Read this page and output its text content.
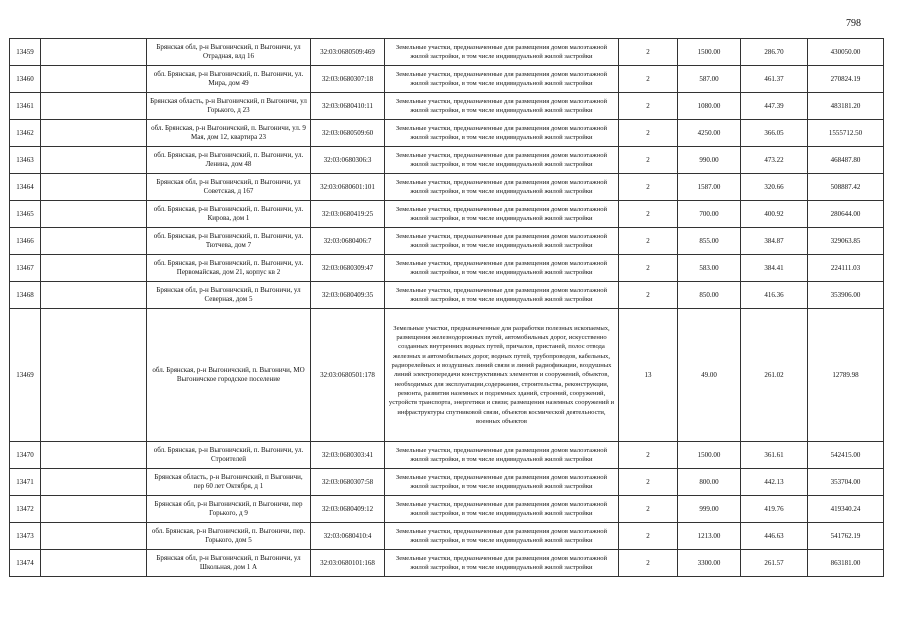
798
13459		Брянская обл, р-н Выгоничский, п Выгоничи, ул Отрадная, влд 16	32:03:0680509:469	Земельные участки, предназначенные для размещения домов малоэтажной жилой застройки, в том числе индивидуальной жилой застройки	2	1500.00	286.70	430050.00
13460		обл. Брянская, р-н Выгоничский, п. Выгоничи, ул. Мира, дом 49	32:03:0680307:18	Земельные участки, предназначенные для размещения домов малоэтажной жилой застройки, в том числе индивидуальной жилой застройки	2	587.00	461.37	270824.19
13461		Брянская область, р-н Выгоничский, п Выгоничи, ул Горького, д 23	32:03:0680410:11	Земельные участки, предназначенные для размещения домов малоэтажной жилой застройки, в том числе индивидуальной жилой застройки	2	1080.00	447.39	483181.20
13462		обл. Брянская, р-н Выгоничский, п. Выгоничи, ул. 9 Мая, дом 12, квартира 23	32:03:0680509:60	Земельные участки, предназначенные для размещения домов малоэтажной жилой застройки, в том числе индивидуальной жилой застройки	2	4250.00	366.05	1555712.50
13463		обл. Брянская, р-н Выгоничский, п. Выгоничи, ул. Ленина, дом 48	32:03:0680306:3	Земельные участки, предназначенные для размещения домов малоэтажной жилой застройки, в том числе индивидуальной жилой застройки	2	990.00	473.22	468487.80
13464		Брянская обл, р-н Выгоничский, п Выгоничи, ул Советская, д 167	32:03:0680601:101	Земельные участки, предназначенные для размещения домов малоэтажной жилой застройки, в том числе индивидуальной жилой застройки	2	1587.00	320.66	508887.42
13465		обл. Брянская, р-н Выгоничский, п. Выгоничи, ул. Кирова, дом 1	32:03:0680419:25	Земельные участки, предназначенные для размещения домов малоэтажной жилой застройки, в том числе индивидуальной жилой застройки	2	700.00	400.92	280644.00
13466		обл. Брянская, р-н Выгоничский, п. Выгоничи, ул. Тютчева, дом 7	32:03:0680406:7	Земельные участки, предназначенные для размещения домов малоэтажной жилой застройки, в том числе индивидуальной жилой застройки	2	855.00	384.87	329063.85
13467		обл. Брянская, р-н Выгоничский, п. Выгоничи, ул. Первомайская, дом 21, корпус кв 2	32:03:0680309:47	Земельные участки, предназначенные для размещения домов малоэтажной жилой застройки, в том числе индивидуальной жилой застройки	2	583.00	384.41	224111.03
13468		Брянская обл, р-н Выгоничский, п Выгоничи, ул Северная, дом 5	32:03:0680409:35	Земельные участки, предназначенные для размещения домов малоэтажной жилой застройки, в том числе индивидуальной жилой застройки	2	850.00	416.36	353906.00
13469		обл. Брянская, р-н Выгоничский, п. Выгоничи, МО Выгоничское городское поселение	32:03:0680501:178	Земельные участки, предназначенные для разработки полезных ископаемых, размещения железнодорожных путей, автомобильных дорог, искусственно созданных внутренних водных путей, причалов, пристаней, полос отвода железных и автомобильных дорог, водных путей, трубопроводов, кабельных, радиорелейных и воздушных линий связи и линий радиофикации, воздушных линий электропередачи конструктивных элементов и сооружений, объектов, необходимых для эксплуатации,содержания, строительства, реконструкции, ремонта, развития наземных и подземных зданий, строений, сооружений, устройств транспорта, энергетики и связи; размещения наземных сооружений и инфраструктуры спутниковой связи, объектов космической деятельности, военных объектов	13	49.00	261.02	12789.98
13470		обл. Брянская, р-н Выгоничский, п. Выгоничи, ул. Строителей	32:03:0680303:41	Земельные участки, предназначенные для размещения домов малоэтажной жилой застройки, в том числе индивидуальной жилой застройки	2	1500.00	361.61	542415.00
13471		Брянская область, р-н Выгоничский, п Выгоничи, пер 60 лет Октября, д 1	32:03:0680307:58	Земельные участки, предназначенные для размещения домов малоэтажной жилой застройки, в том числе индивидуальной жилой застройки	2	800.00	442.13	353704.00
13472		Брянская обл, р-н Выгоничский, п Выгоничи, пер Горького, д 9	32:03:0680409:12	Земельные участки, предназначенные для размещения домов малоэтажной жилой застройки, в том числе индивидуальной жилой застройки	2	999.00	419.76	419340.24
13473		обл. Брянская, р-н Выгоничский, п. Выгоничи, пер. Горького, дом 5	32:03:0680410:4	Земельные участки, предназначенные для размещения домов малоэтажной жилой застройки, в том числе индивидуальной жилой застройки	2	1213.00	446.63	541762.19
13474		Брянская обл, р-н Выгоничский, п Выгоничи, ул Школьная, дом 1 А	32:03:0680101:168	Земельные участки, предназначенные для размещения домов малоэтажной жилой застройки, в том числе индивидуальной жилой застройки	2	3300.00	261.57	863181.00
